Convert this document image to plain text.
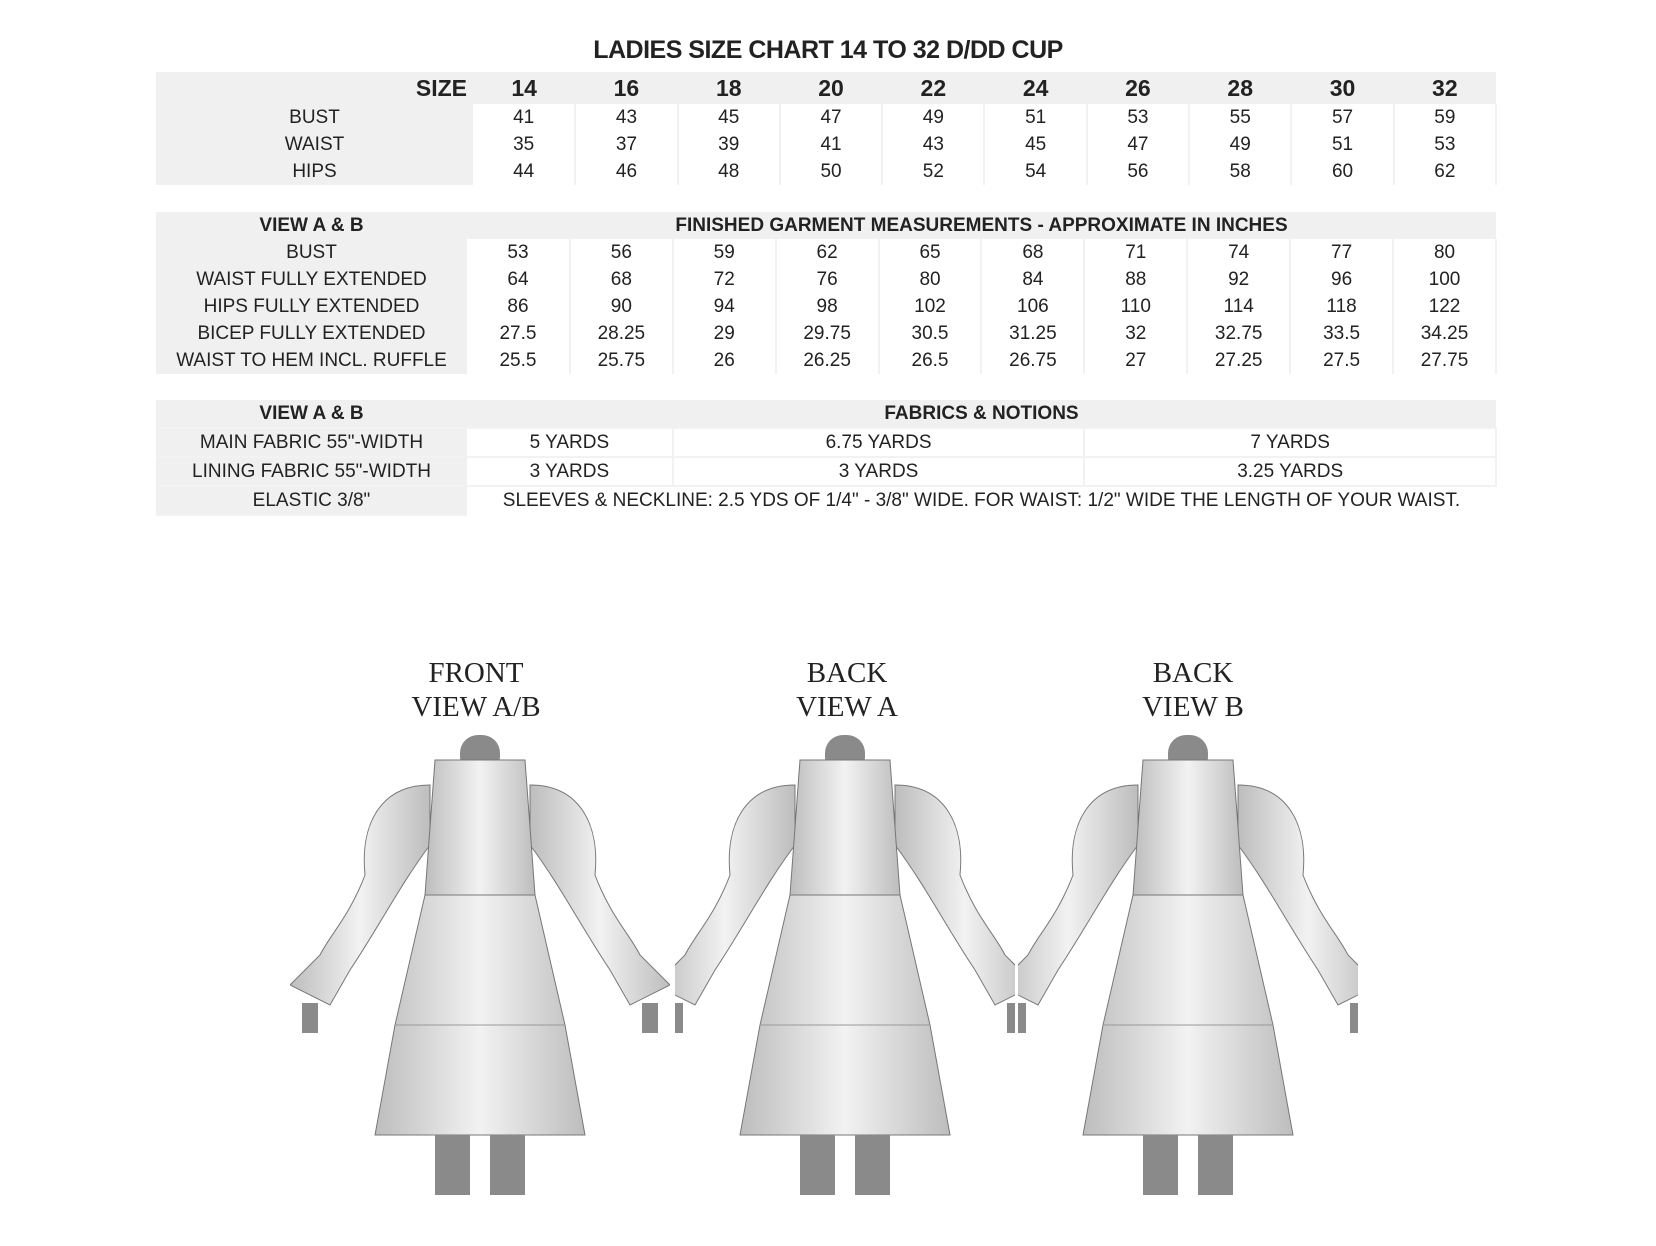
LADIES SIZE CHART 14 TO 32 D/DD CUP
SIZE	14	16	18	20	22	24	26	28	30	32
BUST	41	43	45	47	49	51	53	55	57	59
WAIST	35	37	39	41	43	45	47	49	51	53
HIPS	44	46	48	50	52	54	56	58	60	62
VIEW A & B	FINISHED GARMENT MEASUREMENTS - APPROXIMATE IN INCHES									
BUST	53	56	59	62	65	68	71	74	77	80
WAIST FULLY EXTENDED	64	68	72	76	80	84	88	92	96	100
HIPS FULLY EXTENDED	86	90	94	98	102	106	110	114	118	122
BICEP FULLY EXTENDED	27.5	28.25	29	29.75	30.5	31.25	32	32.75	33.5	34.25
WAIST TO HEM INCL. RUFFLE	25.5	25.75	26	26.25	26.5	26.75	27	27.25	27.5	27.75
VIEW A & B	FABRICS & NOTIONS		
MAIN FABRIC 55"-WIDTH	5 YARDS	6.75 YARDS	7 YARDS
LINING FABRIC 55"-WIDTH	3 YARDS	3 YARDS	3.25 YARDS
ELASTIC 3/8"	SLEEVES & NECKLINE: 2.5 YDS OF 1/4" - 3/8" WIDE. FOR WAIST: 1/2" WIDE THE LENGTH OF YOUR WAIST.		
FRONT
VIEW A/B
BACK
VIEW A
BACK
VIEW B
